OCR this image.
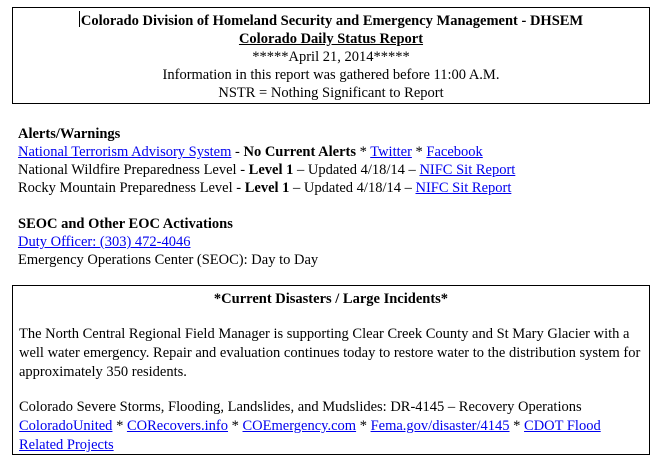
Colorado Division of Homeland Security and Emergency Management - DHSEM
Colorado Daily Status Report
*****April 21, 2014*****
Information in this report was gathered before 11:00 A.M.
NSTR = Nothing Significant to Report
Alerts/Warnings
National Terrorism Advisory System - No Current Alerts * Twitter * Facebook
National Wildfire Preparedness Level - Level 1 – Updated 4/18/14 – NIFC Sit Report
Rocky Mountain Preparedness Level - Level 1 – Updated 4/18/14 – NIFC Sit Report
SEOC and Other EOC Activations
Duty Officer: (303) 472-4046
Emergency Operations Center (SEOC): Day to Day
*Current Disasters / Large Incidents*

The North Central Regional Field Manager is supporting Clear Creek County and St Mary Glacier with a well water emergency. Repair and evaluation continues today to restore water to the distribution system for approximately 350 residents.

Colorado Severe Storms, Flooding, Landslides, and Mudslides: DR-4145 – Recovery Operations

ColoradoUnited * CORecovers.info * COEmergency.com * Fema.gov/disaster/4145 * CDOT Flood Related Projects
